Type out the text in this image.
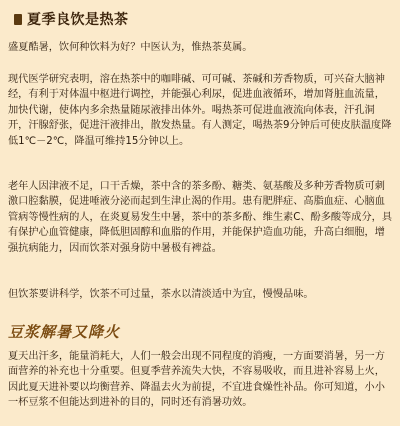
夏季良饮是热茶

盛夏酷暑，饮何种饮料为好？中医认为，惟热茶莫属。

现代医学研究表明，溶在热茶中的咖啡碱、可可碱、茶碱和芳香物质，可兴奋大脑神经，有利于对体温中枢进行调控，并能强心利尿，促进血液循环，增加肾脏血流量，加快代谢，使体内多余热量随尿液排出体外。喝热茶可促进血液流向体表，汗孔洞开，汗腺舒张，促进汗液排出，散发热量。有人测定，喝热茶9分钟后可使皮肤温度降低1℃－2℃，降温可维持15分钟以上。

老年人因津液不足，口干舌燥，茶中含的茶多酚、糖类、氨基酸及多种芳香物质可刺激口腔黏膜，促进唾液分泌而起到生津止渴的作用。患有肥胖症、高脂血症、心脑血管病等慢性病的人，在炎夏易发生中暑，茶中的茶多酚、维生素C、酚多酸等成分，具有保护心血管健康，降低胆固醇和血脂的作用，并能保护造血功能，升高白细胞，增强抗病能力，因而饮茶对强身防中暑极有裨益。

但饮茶要讲科学，饮茶不可过量，茶水以清淡适中为宜，慢慢品味。

豆浆解暑又降火

夏天出汗多，能量消耗大，人们一般会出现不同程度的消瘦，一方面要消暑，另一方面营养的补充也十分重要。但夏季营养流失大快，不容易吸收，而且进补容易上火，因此夏天进补要以均衡营养、降温去火为前提，不宜进食燥性补品。你可知道，小小一杯豆浆不但能达到进补的目的，同时还有消暑功效。
